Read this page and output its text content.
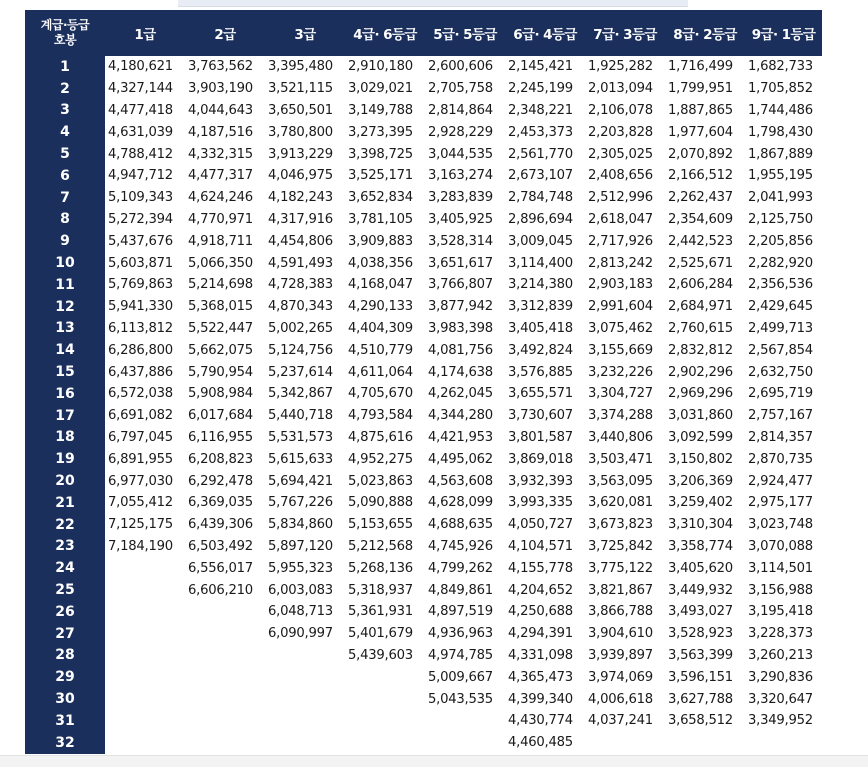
계급·등급
호봉	1급	2급	3급	4급· 6등급	5급· 5등급	6급· 4등급	7급· 3등급	8급· 2등급	9급· 1등급
1	4,180,621	3,763,562	3,395,480	2,910,180	2,600,606	2,145,421	1,925,282	1,716,499	1,682,733
2	4,327,144	3,903,190	3,521,115	3,029,021	2,705,758	2,245,199	2,013,094	1,799,951	1,705,852
3	4,477,418	4,044,643	3,650,501	3,149,788	2,814,864	2,348,221	2,106,078	1,887,865	1,744,486
4	4,631,039	4,187,516	3,780,800	3,273,395	2,928,229	2,453,373	2,203,828	1,977,604	1,798,430
5	4,788,412	4,332,315	3,913,229	3,398,725	3,044,535	2,561,770	2,305,025	2,070,892	1,867,889
6	4,947,712	4,477,317	4,046,975	3,525,171	3,163,274	2,673,107	2,408,656	2,166,512	1,955,195
7	5,109,343	4,624,246	4,182,243	3,652,834	3,283,839	2,784,748	2,512,996	2,262,437	2,041,993
8	5,272,394	4,770,971	4,317,916	3,781,105	3,405,925	2,896,694	2,618,047	2,354,609	2,125,750
9	5,437,676	4,918,711	4,454,806	3,909,883	3,528,314	3,009,045	2,717,926	2,442,523	2,205,856
10	5,603,871	5,066,350	4,591,493	4,038,356	3,651,617	3,114,400	2,813,242	2,525,671	2,282,920
11	5,769,863	5,214,698	4,728,383	4,168,047	3,766,807	3,214,380	2,903,183	2,606,284	2,356,536
12	5,941,330	5,368,015	4,870,343	4,290,133	3,877,942	3,312,839	2,991,604	2,684,971	2,429,645
13	6,113,812	5,522,447	5,002,265	4,404,309	3,983,398	3,405,418	3,075,462	2,760,615	2,499,713
14	6,286,800	5,662,075	5,124,756	4,510,779	4,081,756	3,492,824	3,155,669	2,832,812	2,567,854
15	6,437,886	5,790,954	5,237,614	4,611,064	4,174,638	3,576,885	3,232,226	2,902,296	2,632,750
16	6,572,038	5,908,984	5,342,867	4,705,670	4,262,045	3,655,571	3,304,727	2,969,296	2,695,719
17	6,691,082	6,017,684	5,440,718	4,793,584	4,344,280	3,730,607	3,374,288	3,031,860	2,757,167
18	6,797,045	6,116,955	5,531,573	4,875,616	4,421,953	3,801,587	3,440,806	3,092,599	2,814,357
19	6,891,955	6,208,823	5,615,633	4,952,275	4,495,062	3,869,018	3,503,471	3,150,802	2,870,735
20	6,977,030	6,292,478	5,694,421	5,023,863	4,563,608	3,932,393	3,563,095	3,206,369	2,924,477
21	7,055,412	6,369,035	5,767,226	5,090,888	4,628,099	3,993,335	3,620,081	3,259,402	2,975,177
22	7,125,175	6,439,306	5,834,860	5,153,655	4,688,635	4,050,727	3,673,823	3,310,304	3,023,748
23	7,184,190	6,503,492	5,897,120	5,212,568	4,745,926	4,104,571	3,725,842	3,358,774	3,070,088
24		6,556,017	5,955,323	5,268,136	4,799,262	4,155,778	3,775,122	3,405,620	3,114,501
25		6,606,210	6,003,083	5,318,937	4,849,861	4,204,652	3,821,867	3,449,932	3,156,988
26			6,048,713	5,361,931	4,897,519	4,250,688	3,866,788	3,493,027	3,195,418
27			6,090,997	5,401,679	4,936,963	4,294,391	3,904,610	3,528,923	3,228,373
28				5,439,603	4,974,785	4,331,098	3,939,897	3,563,399	3,260,213
29					5,009,667	4,365,473	3,974,069	3,596,151	3,290,836
30					5,043,535	4,399,340	4,006,618	3,627,788	3,320,647
31						4,430,774	4,037,241	3,658,512	3,349,952
32						4,460,485			
